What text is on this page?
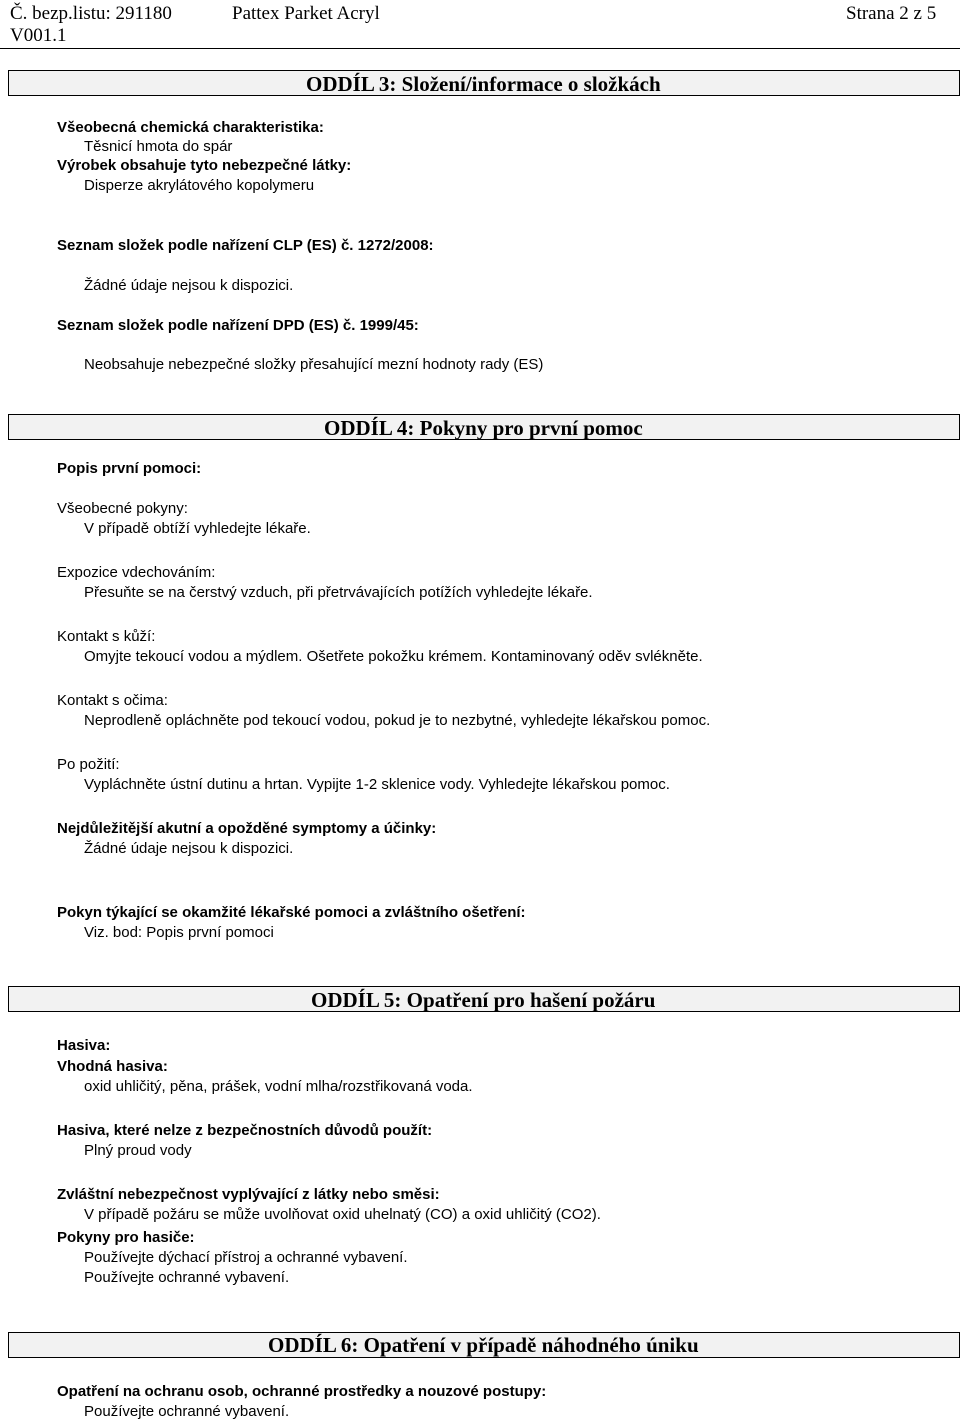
Č. bezp.listu: 291180	Pattex Parket Acryl	Strana 2 z 5
V001.1
ODDÍL 3: Složení/informace o složkách
Všeobecná chemická charakteristika:
Těsnicí hmota do spár
Výrobek obsahuje tyto nebezpečné látky:
Disperze akrylátového kopolymeru
Seznam složek podle nařízení CLP (ES) č. 1272/2008:
Žádné údaje nejsou k dispozici.
Seznam složek podle nařízení DPD (ES) č. 1999/45:
Neobsahuje nebezpečné složky přesahující mezní hodnoty rady (ES)
ODDÍL 4: Pokyny pro první pomoc
Popis první pomoci:
Všeobecné pokyny:
V případě obtíží vyhledejte lékaře.
Expozice vdechováním:
Přesuňte se na čerstvý vzduch, při přetrvávajících potížích vyhledejte lékaře.
Kontakt s kůží:
Omyjte tekoucí vodou a mýdlem. Ošetřete pokožku krémem. Kontaminovaný oděv svlékněte.
Kontakt s očima:
Neprodleně opláchněte pod tekoucí vodou, pokud je to nezbytné, vyhledejte lékařskou pomoc.
Po požití:
Vypláchněte ústní dutinu a hrtan. Vypijte 1-2 sklenice vody. Vyhledejte lékařskou pomoc.
Nejdůležitější akutní a opožděné symptomy a účinky:
Žádné údaje nejsou k dispozici.
Pokyn týkající se okamžité lékařské pomoci a zvláštního ošetření:
Viz. bod: Popis první pomoci
ODDÍL 5: Opatření pro hašení požáru
Hasiva:
Vhodná hasiva:
oxid uhličitý, pěna, prášek, vodní mlha/rozstřikovaná voda.
Hasiva, které nelze z bezpečnostních důvodů použít:
Plný proud vody
Zvláštní nebezpečnost vyplývající z látky nebo směsi:
V případě požáru se může uvolňovat oxid uhelnatý (CO) a oxid uhličitý (CO2).
Pokyny pro hasiče:
Používejte dýchací přístroj a ochranné vybavení.
Používejte ochranné vybavení.
ODDÍL 6: Opatření v případě náhodného úniku
Opatření na ochranu osob, ochranné prostředky a nouzové postupy:
Používejte ochranné vybavení.
